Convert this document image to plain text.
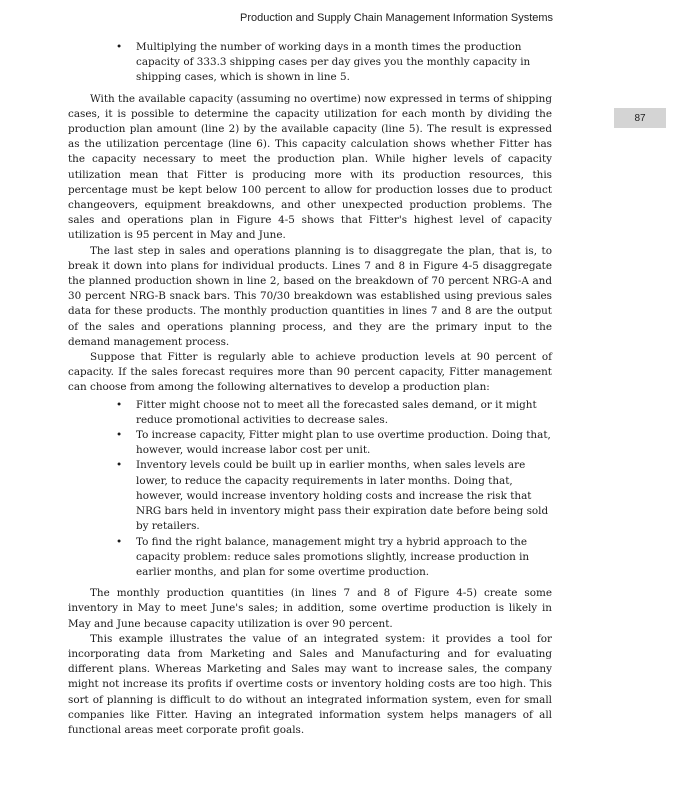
Production and Supply Chain Management Information Systems
87
• Multiplying the number of working days in a month times the production capacity of 333.3 shipping cases per day gives you the monthly capacity in shipping cases, which is shown in line 5.

With the available capacity (assuming no overtime) now expressed in terms of shipping cases, it is possible to determine the capacity utilization for each month by dividing the production plan amount (line 2) by the available capacity (line 5). The result is expressed as the utilization percentage (line 6). This capacity calculation shows whether Fitter has the capacity necessary to meet the production plan. While higher levels of capacity utilization mean that Fitter is producing more with its production resources, this percentage must be kept below 100 percent to allow for production losses due to product changeovers, equipment breakdowns, and other unexpected production problems. The sales and operations plan in Figure 4-5 shows that Fitter's highest level of capacity utilization is 95 percent in May and June.

The last step in sales and operations planning is to disaggregate the plan, that is, to break it down into plans for individual products. Lines 7 and 8 in Figure 4-5 disaggregate the planned production shown in line 2, based on the breakdown of 70 percent NRG-A and 30 percent NRG-B snack bars. This 70/30 breakdown was established using previous sales data for these products. The monthly production quantities in lines 7 and 8 are the output of the sales and operations planning process, and they are the primary input to the demand management process.

Suppose that Fitter is regularly able to achieve production levels at 90 percent of capacity. If the sales forecast requires more than 90 percent capacity, Fitter management can choose from among the following alternatives to develop a production plan:

• Fitter might choose not to meet all the forecasted sales demand, or it might reduce promotional activities to decrease sales.
• To increase capacity, Fitter might plan to use overtime production. Doing that, however, would increase labor cost per unit.
• Inventory levels could be built up in earlier months, when sales levels are lower, to reduce the capacity requirements in later months. Doing that, however, would increase inventory holding costs and increase the risk that NRG bars held in inventory might pass their expiration date before being sold by retailers.
• To find the right balance, management might try a hybrid approach to the capacity problem: reduce sales promotions slightly, increase production in earlier months, and plan for some overtime production.

The monthly production quantities (in lines 7 and 8 of Figure 4-5) create some inventory in May to meet June's sales; in addition, some overtime production is likely in May and June because capacity utilization is over 90 percent.

This example illustrates the value of an integrated system: it provides a tool for incorporating data from Marketing and Sales and Manufacturing and for evaluating different plans. Whereas Marketing and Sales may want to increase sales, the company might not increase its profits if overtime costs or inventory holding costs are too high. This sort of planning is difficult to do without an integrated information system, even for small companies like Fitter. Having an integrated information system helps managers of all functional areas meet corporate profit goals.
